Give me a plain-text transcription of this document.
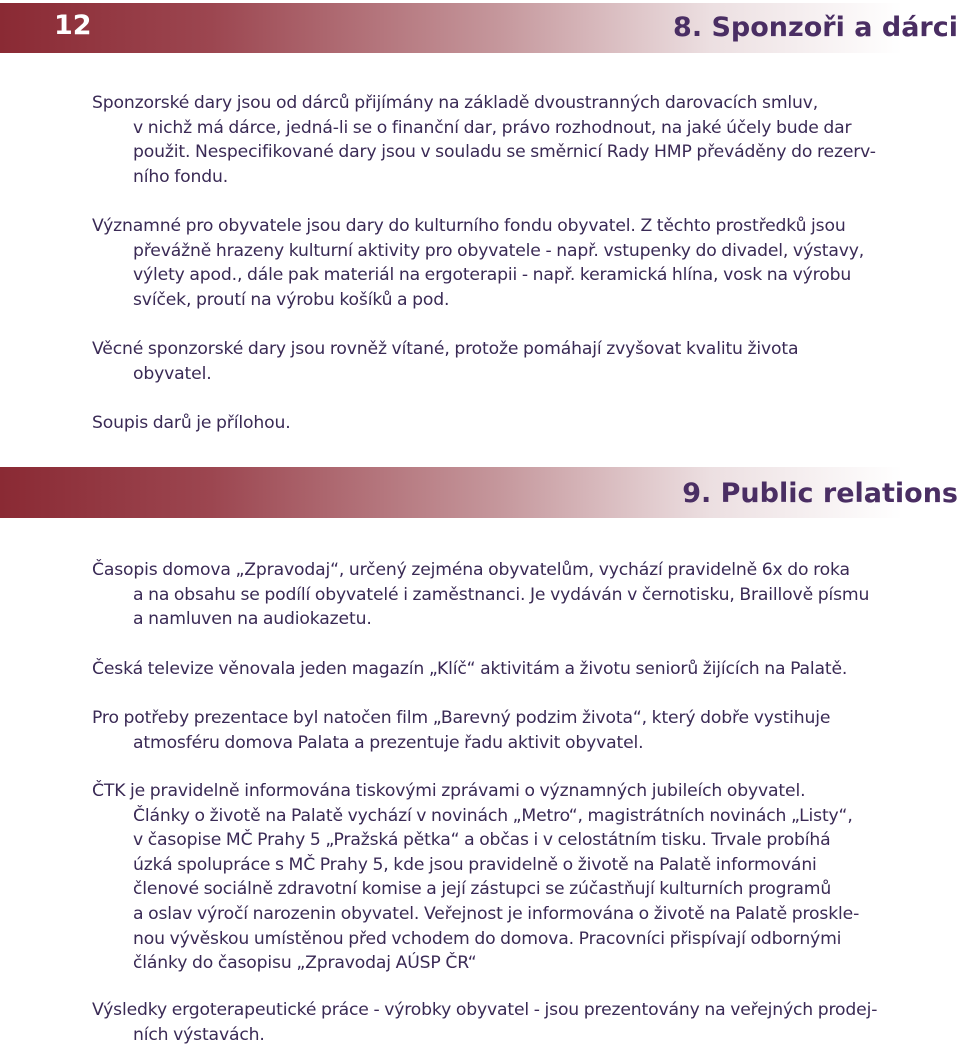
12	8. Sponzoři a dárci

Sponzorské dary jsou od dárců přijímány na základě dvoustranných darovacích smluv,
v nichž má dárce, jedná-li se o finanční dar, právo rozhodnout, na jaké účely bude dar
použit. Nespecifikované dary jsou v souladu se směrnicí Rady HMP převáděny do rezerv-
ního fondu.

Významné pro obyvatele jsou dary do kulturního fondu obyvatel. Z těchto prostředků jsou
převážně hrazeny kulturní aktivity pro obyvatele - např. vstupenky do divadel, výstavy,
výlety apod., dále pak materiál na ergoterapii - např. keramická hlína, vosk na výrobu
svíček, proutí na výrobu košíků a pod.

Věcné sponzorské dary jsou rovněž vítané, protože pomáhají zvyšovat kvalitu života
obyvatel.

Soupis darů je přílohou.

9. Public relations

Časopis domova „Zpravodaj“, určený zejména obyvatelům, vychází pravidelně 6x do roka
a na obsahu se podílí obyvatelé i zaměstnanci. Je vydáván v černotisku, Braillově písmu
a namluven na audiokazetu.

Česká televize věnovala jeden magazín „Klíč“ aktivitám a životu seniorů žijících na Palatě.

Pro potřeby prezentace byl natočen film „Barevný podzim života“, který dobře vystihuje
atmosféru domova Palata a prezentuje řadu aktivit obyvatel.

ČTK je pravidelně informována tiskovými zprávami o významných jubileích obyvatel.
Články o životě na Palatě vychází v novinách „Metro“, magistrátních novinách „Listy“,
v časopise MČ Prahy 5 „Pražská pětka“ a občas i v celostátním tisku. Trvale probíhá
úzká spolupráce s MČ Prahy 5, kde jsou pravidelně o životě na Palatě informováni
členové sociálně zdravotní komise a její zástupci se zúčastňují kulturních programů
a oslav výročí narozenin obyvatel. Veřejnost je informována o životě na Palatě proskle-
nou vývěskou umístěnou před vchodem do domova. Pracovníci přispívají odbornými
články do časopisu „Zpravodaj AÚSP ČR“

Výsledky ergoterapeutické práce - výrobky obyvatel - jsou prezentovány na veřejných prodej-
ních výstavách.
